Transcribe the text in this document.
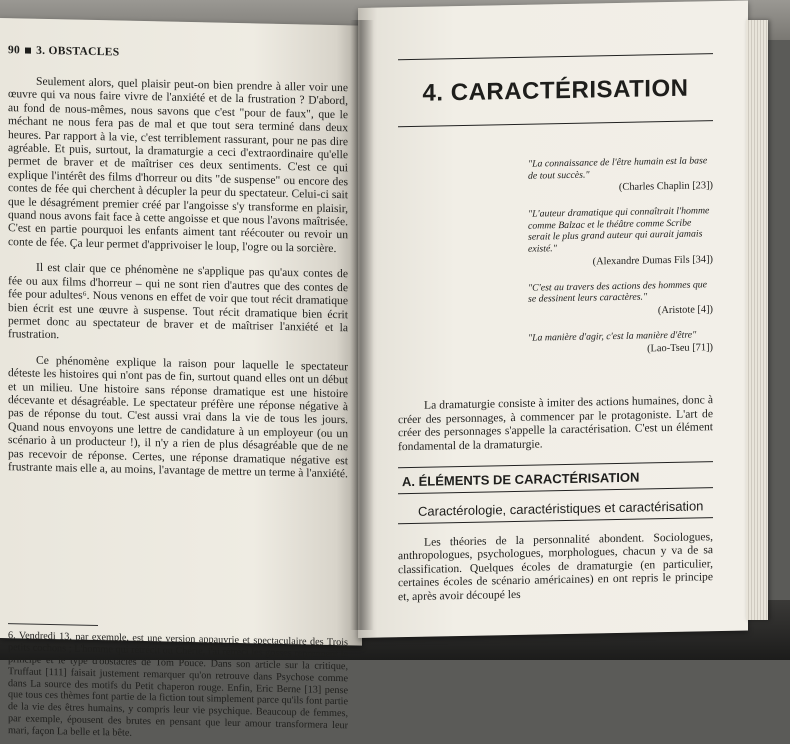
90 3. OBSTACLES

Seulement alors, quel plaisir peut-on bien prendre à aller voir une œuvre qui va nous faire vivre de l'anxiété et de la frustration ? D'abord, au fond de nous-mêmes, nous savons que c'est "pour de faux", que le méchant ne nous fera pas de mal et que tout sera terminé dans deux heures. Par rapport à la vie, c'est terriblement rassurant, pour ne pas dire agréable. Et puis, surtout, la dramaturgie a ceci d'extraordinaire qu'elle permet de braver et de maîtriser ces deux sentiments. C'est ce qui explique l'intérêt des films d'horreur ou dits "de suspense" ou encore des contes de fée qui cherchent à décupler la peur du spectateur. Celui-ci sait que le désagrément premier créé par l'angoisse s'y transforme en plaisir, quand nous avons fait face à cette angoisse et que nous l'avons maîtrisée. C'est en partie pourquoi les enfants aiment tant réécouter ou revoir un conte de fée. Ça leur permet d'apprivoiser le loup, l'ogre ou la sorcière.

Il est clair que ce phénomène ne s'applique pas qu'aux contes de fée ou aux films d'horreur – qui ne sont rien d'autres que des contes de fée pour adultes⁶. Nous venons en effet de voir que tout récit dramatique bien écrit est une œuvre à suspense. Tout récit dramatique bien écrit permet donc au spectateur de braver et de maîtriser l'anxiété et la frustration.

Ce phénomène explique la raison pour laquelle le spectateur déteste les histoires qui n'ont pas de fin, surtout quand elles ont un début et un milieu. Une histoire sans réponse dramatique est une histoire décevante et désagréable. Le spectateur préfère une réponse négative à pas de réponse du tout. C'est aussi vrai dans la vie de tous les jours. Quand nous envoyons une lettre de candidature à un employeur (ou un scénario à un producteur !), il n'y a rien de plus désagréable que de ne pas recevoir de réponse. Certes, une réponse dramatique négative est frustrante mais elle a, au moins, l'avantage de mettre un terme à l'anxiété.

6. Vendredi 13, par exemple, est une version appauvrie et spectaculaire des Trois petits cochons ; L'homme qui rétrécit ou Chérie, j'ai rétréci les gosses reprennent le principe et le type d'obstacles de Tom Pouce. Dans son article sur la critique, Truffaut [111] faisait justement remarquer qu'on retrouve dans Psychose comme dans La source des motifs du Petit chaperon rouge. Enfin, Eric Berne [13] pense que tous ces thèmes font partie de la fiction tout simplement parce qu'ils font partie de la vie des êtres humains, y compris leur vie psychique. Beaucoup de femmes, par exemple, épousent des brutes en pensant que leur amour transformera leur mari, façon La belle et la bête.

4. CARACTÉRISATION
"La connaissance de l'être humain est la base de tout succès."
(Charles Chaplin [23])
"L'auteur dramatique qui connaîtrait l'homme comme Balzac et le théâtre comme Scribe serait le plus grand auteur qui aurait jamais existé."
(Alexandre Dumas Fils [34])
"C'est au travers des actions des hommes que se dessinent leurs caractères."
(Aristote [4])
"La manière d'agir, c'est la manière d'être"
(Lao-Tseu [71])

La dramaturgie consiste à imiter des actions humaines, donc à créer des personnages, à commencer par le protagoniste. L'art de créer des personnages s'appelle la caractérisation. C'est un élément fondamental de la dramaturgie.

A. ÉLÉMENTS DE CARACTÉRISATION
Caractérologie, caractéristiques et caractérisation

Les théories de la personnalité abondent. Sociologues, anthropologues, psychologues, morphologues, chacun y va de sa classification. Quelques écoles de dramaturgie (en particulier, certaines écoles de scénario américaines) en ont repris le principe et, après avoir découpé les
